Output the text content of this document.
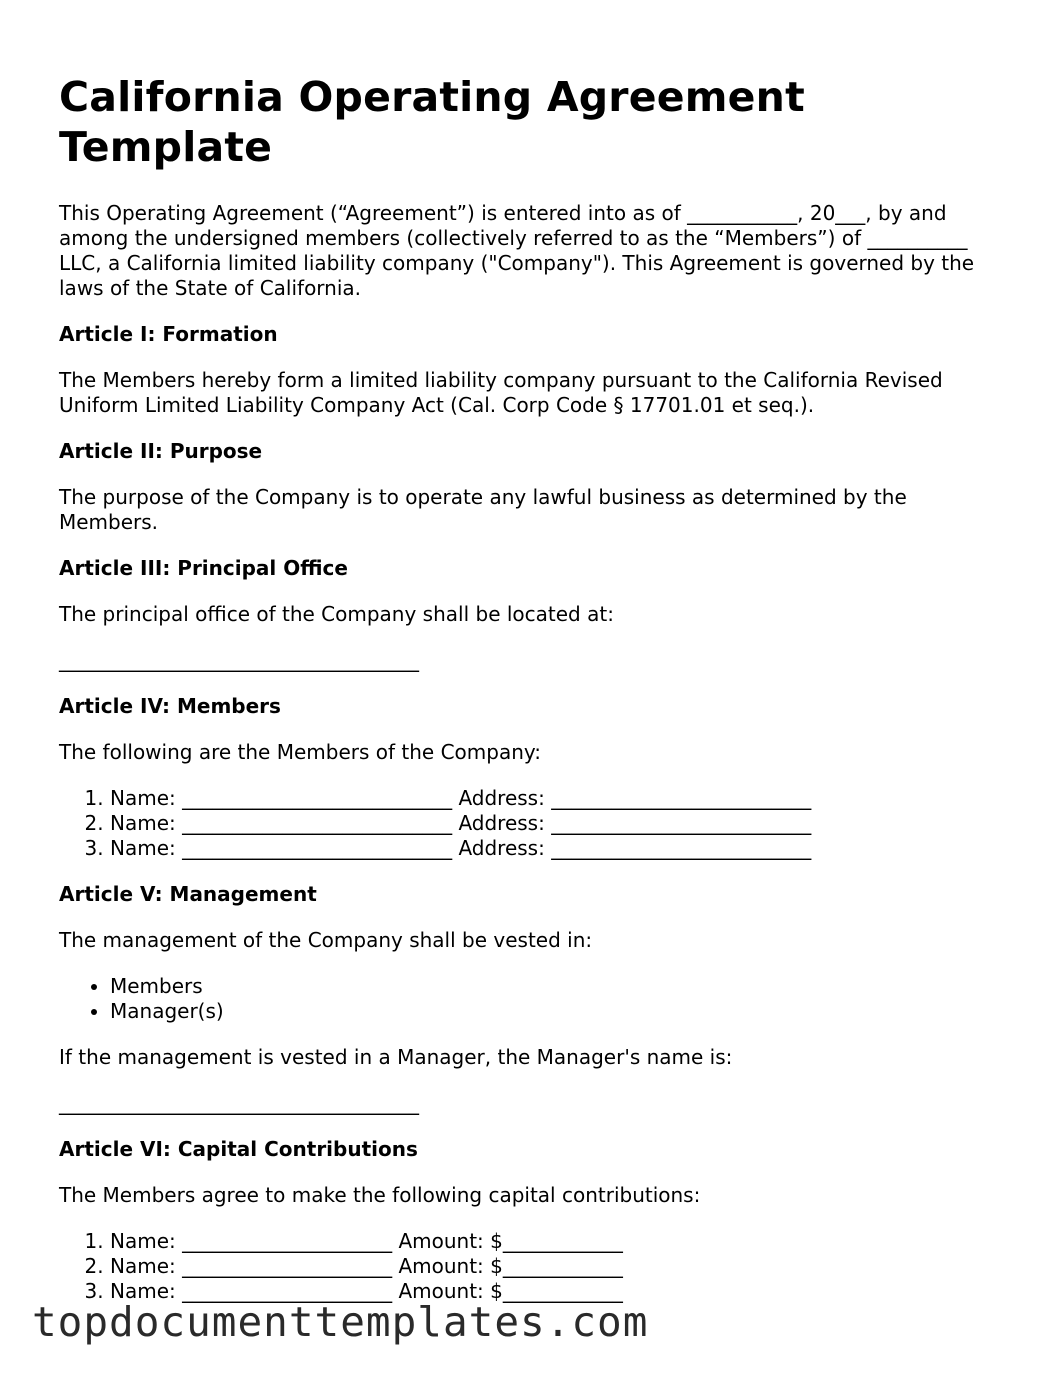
California Operating Agreement Template

This Operating Agreement (“Agreement”) is entered into as of ___________, 20___, by and among the undersigned members (collectively referred to as the “Members”) of __________ LLC, a California limited liability company ("Company"). This Agreement is governed by the laws of the State of California.

Article I: Formation

The Members hereby form a limited liability company pursuant to the California Revised Uniform Limited Liability Company Act (Cal. Corp Code § 17701.01 et seq.).

Article II: Purpose

The purpose of the Company is to operate any lawful business as determined by the Members.

Article III: Principal Office

The principal office of the Company shall be located at:

____________________________________
Article IV: Members

The following are the Members of the Company:

1. Name: ___________________________ Address: __________________________
2. Name: ___________________________ Address: __________________________
3. Name: ___________________________ Address: __________________________
Article V: Management

The management of the Company shall be vested in:

• Members
• Manager(s)

If the management is vested in a Manager, the Manager's name is:

____________________________________
Article VI: Capital Contributions

The Members agree to make the following capital contributions:

1. Name: _____________________ Amount: $____________
2. Name: _____________________ Amount: $____________
3. Name: _____________________ Amount: $____________
topdocumenttemplates.com
